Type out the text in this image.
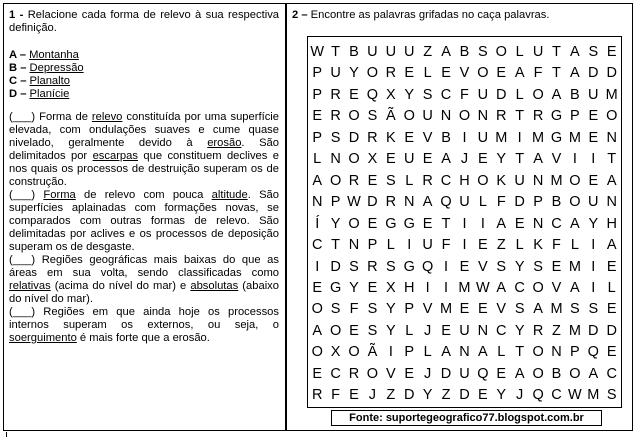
1 - Relacione cada forma de relevo à sua respectiva definição.

A – Montanha

B – Depressão

C – Planalto

D – Planície

(___) Forma de relevo constituída por uma superfície elevada, com ondulações suaves e cume quase nivelado, geralmente devido à erosão. São delimitados por escarpas que constituem declives e nos quais os processos de destruição superam os de construção.

(___) Forma de relevo com pouca altitude. São superfícies aplainadas com formações novas, se comparados com outras formas de relevo. São delimitadas por aclives e os processos de deposição superam os de desgaste.

(___) Regiões geográficas mais baixas do que as áreas em sua volta, sendo classificadas como relativas (acima do nível do mar) e absolutas (abaixo do nível do mar).

(___) Regiões em que ainda hoje os processos internos superam os externos, ou seja, o soerguimento é mais forte que a erosão.

2 – Encontre as palavras grifadas no caça palavras.

W T B U U U Z A B S O L U T A S E
P U Y O R E L E V O E A F T A D D
P R E Q X Y S C F U D L O A B U M
E R O S Ã O U N O N R T R G P E O
P S D R K E V B I U M I M G M E N
L N O X E U E A J E Y T A V I I T
A O R E S L R C H O K U N M O E A
N P W D R N A Q U L F D P B O U N
Í Y O E G G E T I I A E N C A Y H
C T N P L I U F I E Z L K F L I A
I D S R S G Q I E V S Y S E M I E
E G Y E X H I I M W A C O V A I L
O S F S Y P V M E E V S A M S S E
A O E S Y L J E U N C Y R Z M D D
O X O Ã I P L A N A L T O N P Q E
E C R O V E J D U Q E A O B O A C
R F E J Z D Y Z D E Y J Q C W M S
Fonte: suportegeografico77.blogspot.com.br
